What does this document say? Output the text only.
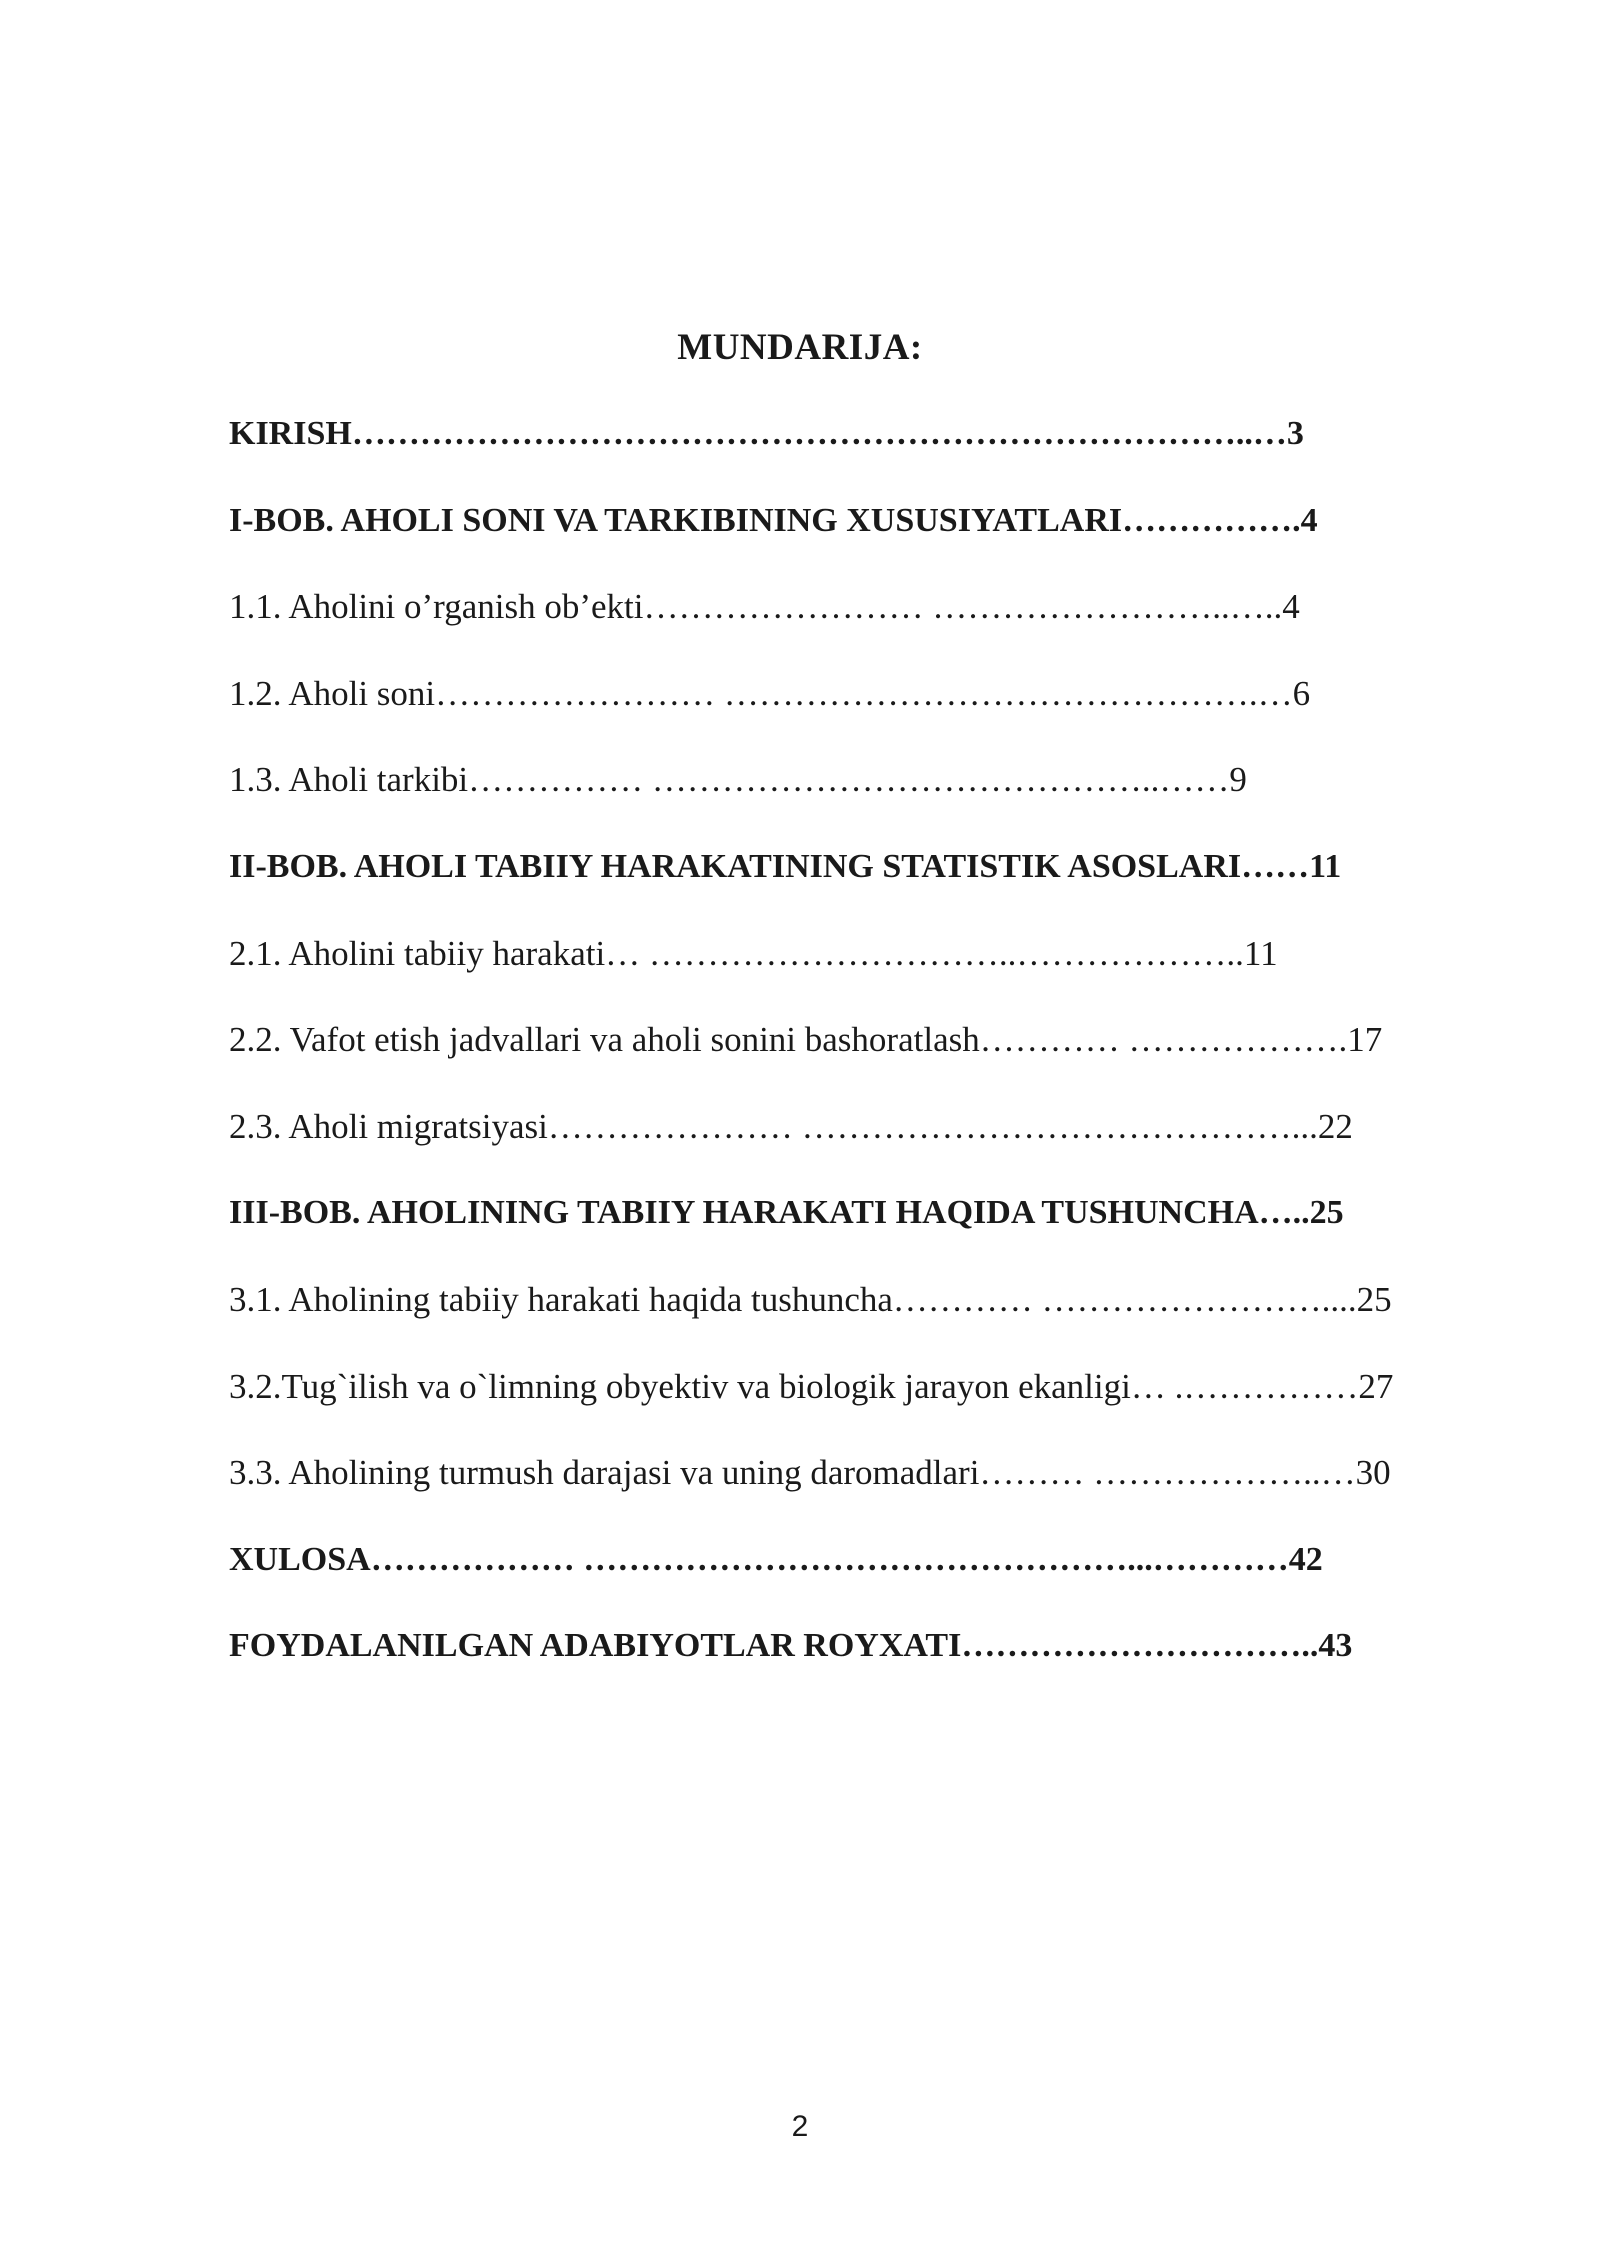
MUNDARIJA:
KIRISH……………………………………………………………………..…3
I-BOB. AHOLI SONI VA TARKIBINING XUSUSIYATLARI…………….4
1.1. Aholini o’rganish ob’ekti…………………… ……………………..…..4
1.2. Aholi soni…………………… ……………………………………….…6
1.3. Aholi tarkibi…………… ……………………………………..……9
II-BOB. AHOLI TABIIY HARAKATINING STATISTIK ASOSLARI……11
2.1. Aholini tabiiy harakati… …………………………..………………..11
2.2. Vafot etish jadvallari va aholi sonini bashoratlash………… ……………….17
2.3. Aholi migratsiyasi………………… ……………………………………...22
III-BOB. AHOLINING TABIIY HARAKATI HAQIDA TUSHUNCHA…..25
3.1. Aholining tabiiy harakati haqida tushuncha………… ……………………....25
3.2.Tug`ilish va o`limning obyektiv va biologik jarayon ekanligi… .……………27
3.3. Aholining turmush darajasi va uning daromadlari……… ………………..…30
XULOSA……………… …………………………………………...…………42
FOYDALANILGAN ADABIYOTLAR ROYXATI…………………………..43
2
